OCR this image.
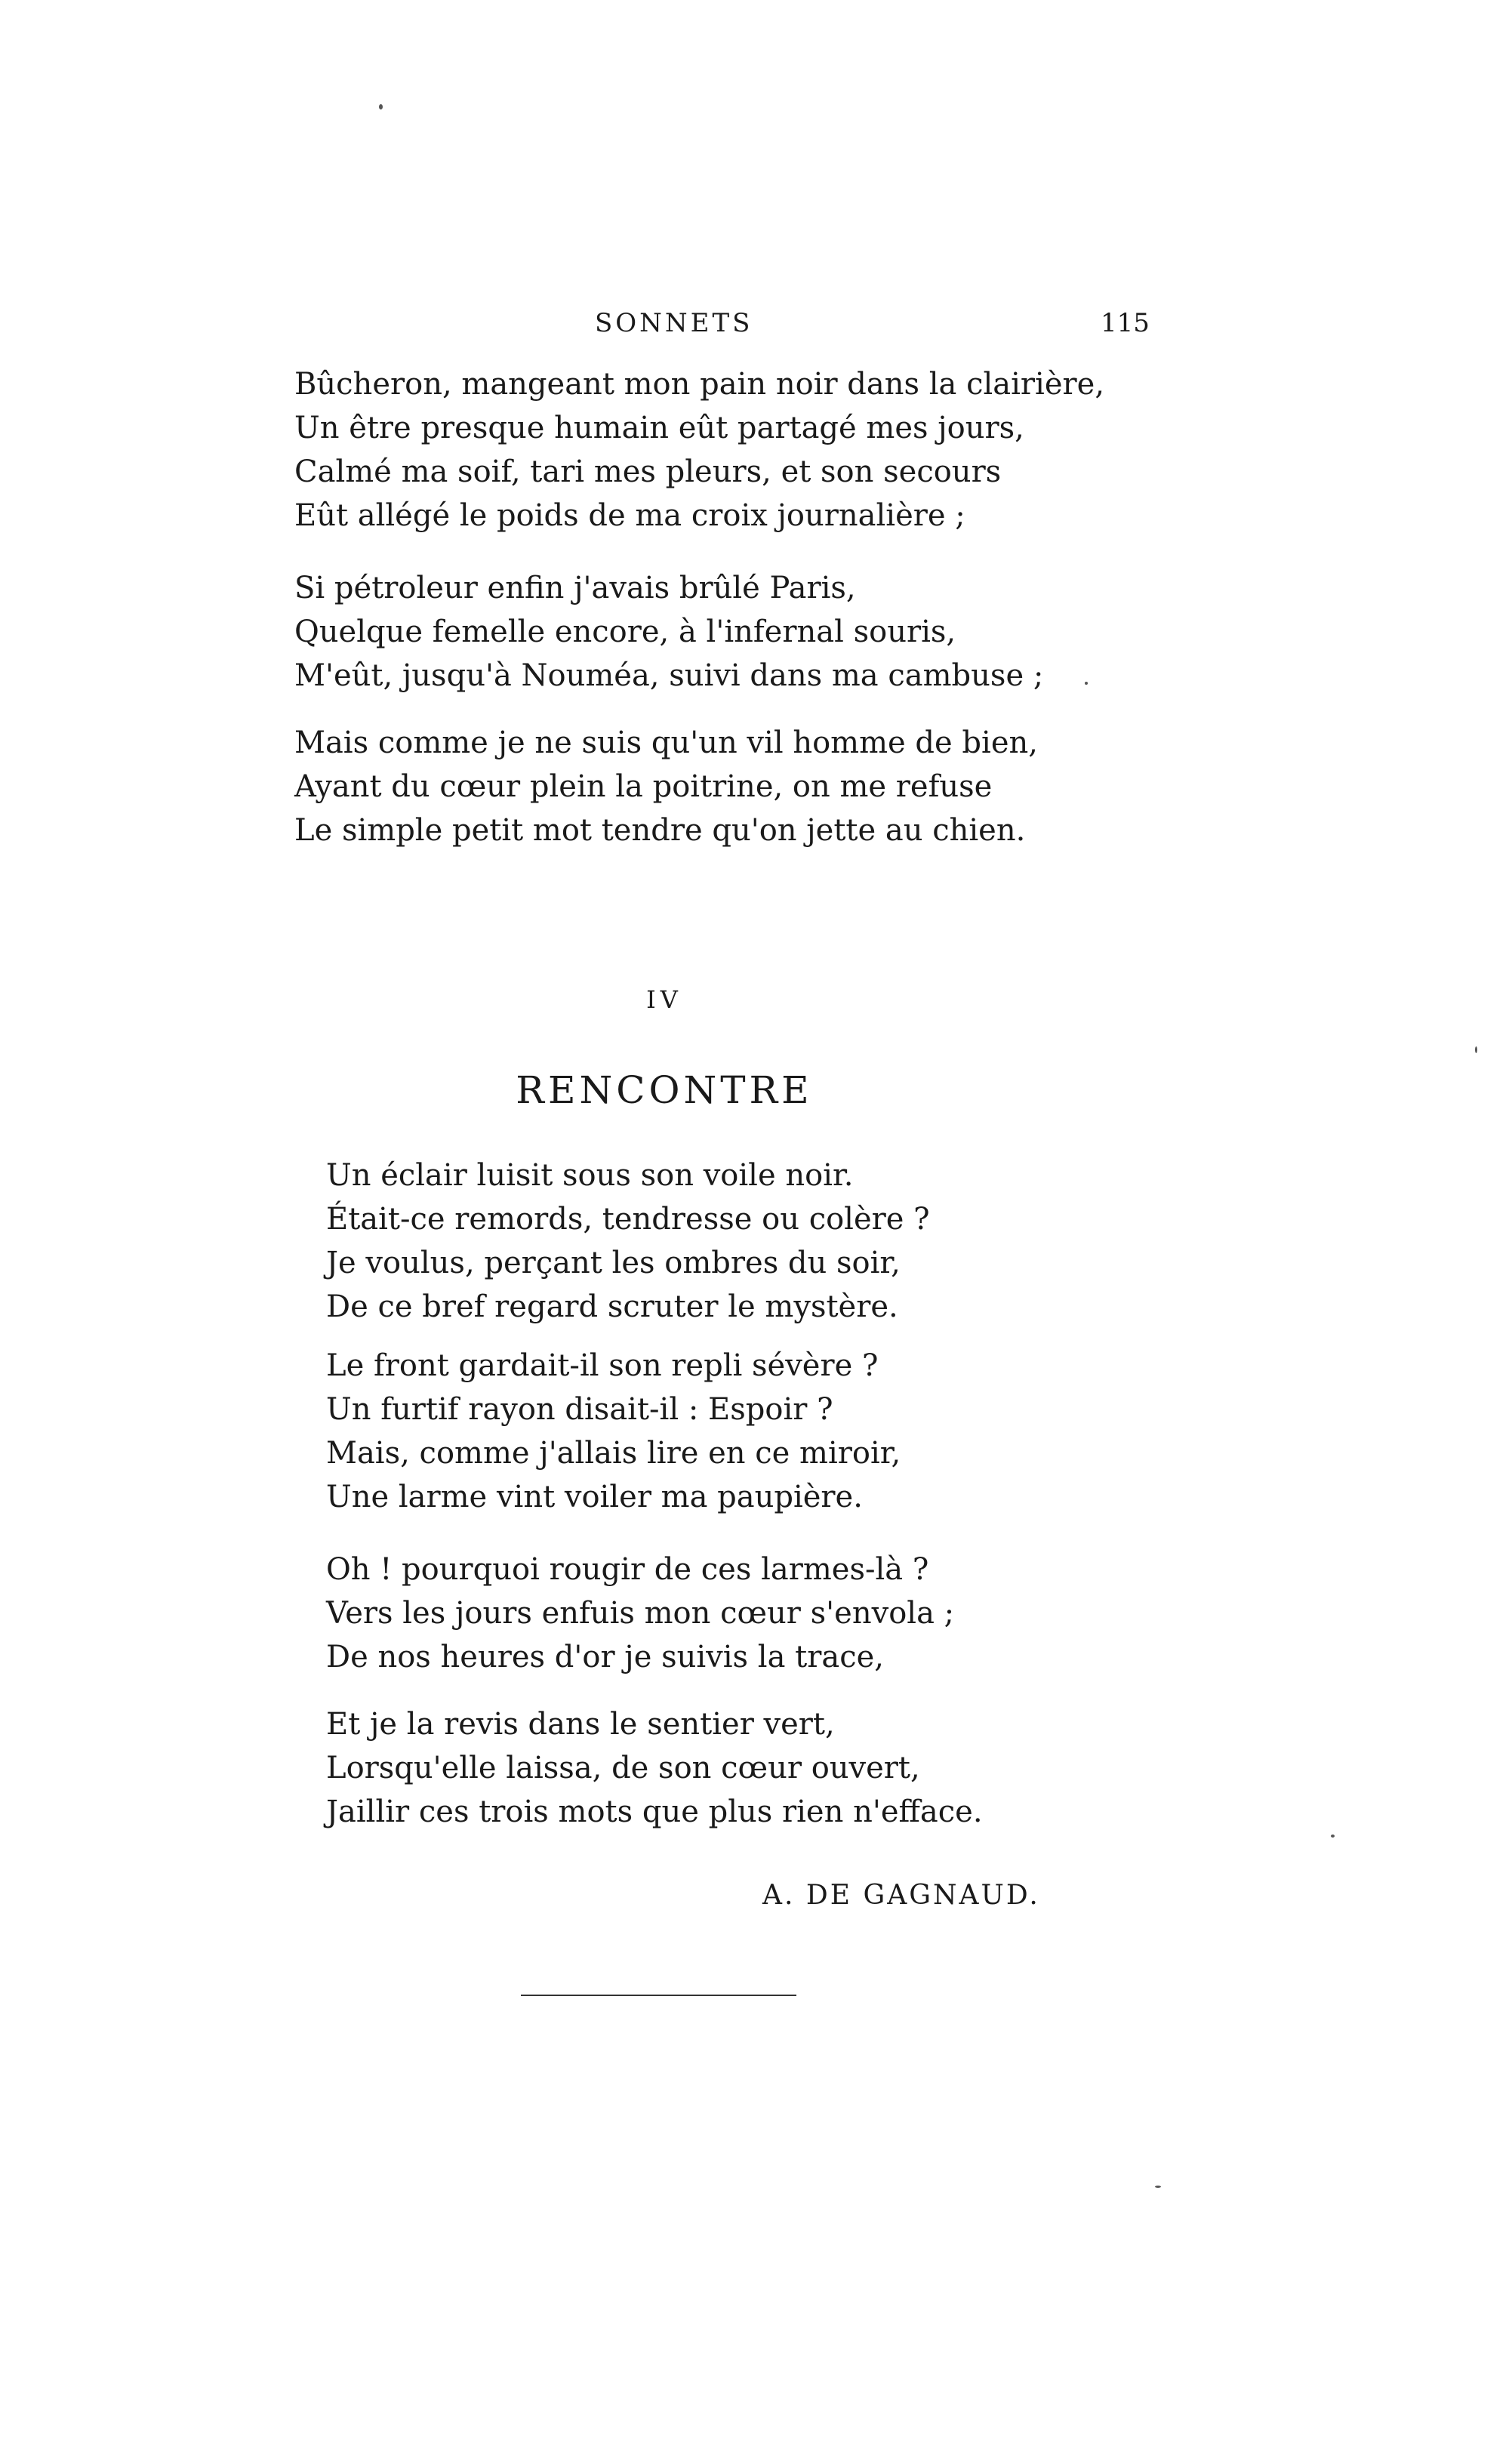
SONNETS	115
Bûcheron, mangeant mon pain noir dans la clairière,
Un être presque humain eût partagé mes jours,
Calmé ma soif, tari mes pleurs, et son secours
Eût allégé le poids de ma croix journalière ;
Si pétroleur enfin j'avais brûlé Paris,
Quelque femelle encore, à l'infernal souris,
M'eût, jusqu'à Nouméa, suivi dans ma cambuse ;
Mais comme je ne suis qu'un vil homme de bien,
Ayant du cœur plein la poitrine, on me refuse
Le simple petit mot tendre qu'on jette au chien.
IV
RENCONTRE
Un éclair luisit sous son voile noir.
Était-ce remords, tendresse ou colère ?
Je voulus, perçant les ombres du soir,
De ce bref regard scruter le mystère.
Le front gardait-il son repli sévère ?
Un furtif rayon disait-il : Espoir ?
Mais, comme j'allais lire en ce miroir,
Une larme vint voiler ma paupière.
Oh ! pourquoi rougir de ces larmes-là ?
Vers les jours enfuis mon cœur s'envola ;
De nos heures d'or je suivis la trace,
Et je la revis dans le sentier vert,
Lorsqu'elle laissa, de son cœur ouvert,
Jaillir ces trois mots que plus rien n'efface.
A. DE GAGNAUD.
